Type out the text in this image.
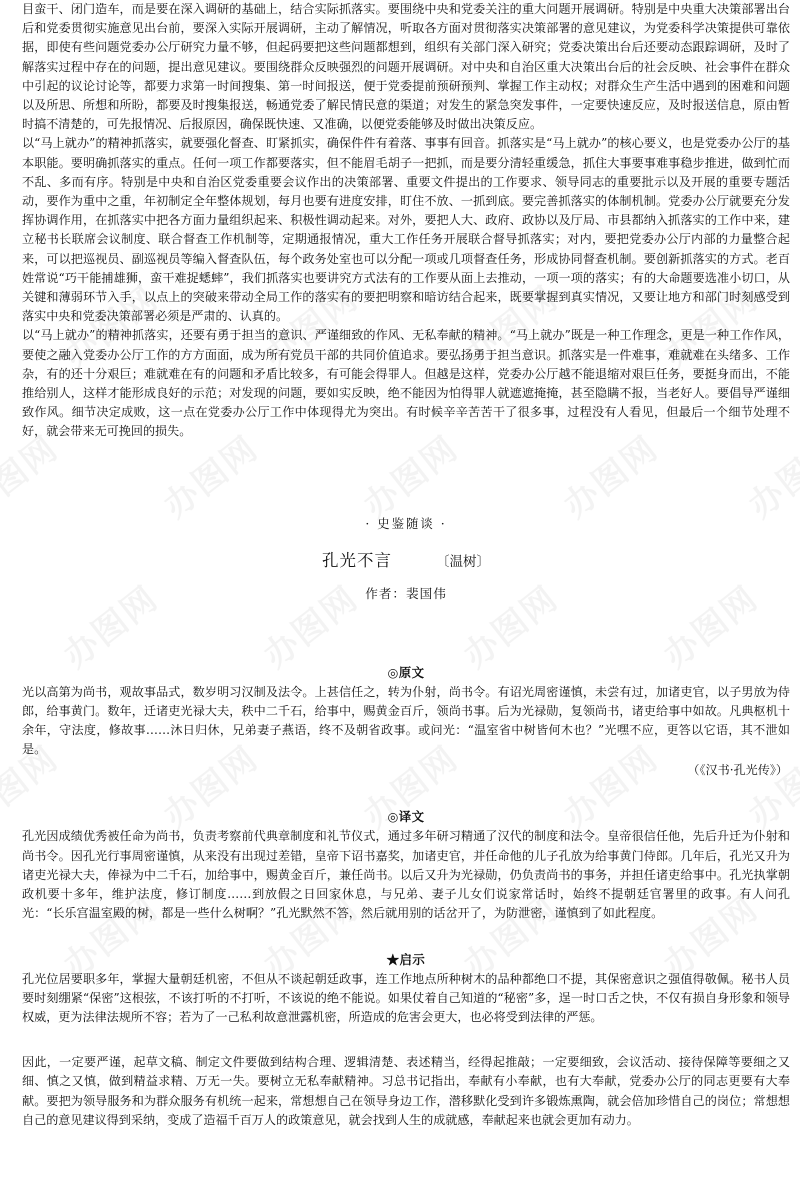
目蛮干、闭门造车，而是要在深入调研的基础上，结合实际抓落实。要围绕中央和党委关注的重大问题开展调研。特别是中央重大决策部署出台后和党委贯彻实施意见出台前，要深入实际开展调研，主动了解情况，听取各方面对贯彻落实决策部署的意见建议，为党委科学决策提供可靠依据，即使有些问题党委办公厅研究力量不够，但起码要把这些问题都想到，组织有关部门深入研究；党委决策出台后还要动态跟踪调研，及时了解落实过程中存在的问题，提出意见建议。要围绕群众反映强烈的问题开展调研。对中央和自治区重大决策出台后的社会反映、社会事件在群众中引起的议论讨论等，都要力求第一时间搜集、第一时间报送，便于党委提前预研预判、掌握工作主动权；对群众生产生活中遇到的困难和问题以及所思、所想和所盼，都要及时搜集报送，畅通党委了解民情民意的渠道；对发生的紧急突发事件，一定要快速反应，及时报送信息，原由暂时搞不清楚的，可先报情况、后报原因，确保既快速、又准确，以便党委能够及时做出决策反应。

以“马上就办”的精神抓落实，就要强化督查、盯紧抓实，确保件件有着落、事事有回音。抓落实是“马上就办”的核心要义，也是党委办公厅的基本职能。要明确抓落实的重点。任何一项工作都要落实，但不能眉毛胡子一把抓，而是要分清轻重缓急，抓住大事要事难事稳步推进，做到忙而不乱、多而有序。特别是中央和自治区党委重要会议作出的决策部署、重要文件提出的工作要求、领导同志的重要批示以及开展的重要专题活动，要作为重中之重，年初制定全年整体规划，每月也要有进度安排，盯住不放、一抓到底。要完善抓落实的体制机制。党委办公厅就要充分发挥协调作用，在抓落实中把各方面力量组织起来、积极性调动起来。对外，要把人大、政府、政协以及厅局、市县都纳入抓落实的工作中来，建立秘书长联席会议制度、联合督查工作机制等，定期通报情况，重大工作任务开展联合督导抓落实；对内，要把党委办公厅内部的力量整合起来，可以把巡视员、副巡视员等编入督查队伍，每个政务处室也可以分配一项或几项督查任务，形成协同督查机制。要创新抓落实的方式。老百姓常说“巧干能捕雄狮，蛮干难捉蟋蟀”，我们抓落实也要讲究方式法有的工作要从面上去推动，一项一项的落实；有的大命题要选准小切口，从关键和薄弱环节入手，以点上的突破来带动全局工作的落实有的要把明察和暗访结合起来，既要掌握到真实情况，又要让地方和部门时刻感受到落实中央和党委决策部署必须是严肃的、认真的。

以“马上就办”的精神抓落实，还要有勇于担当的意识、严谨细致的作风、无私奉献的精神。“马上就办”既是一种工作理念，更是一种工作作风，要使之融入党委办公厅工作的方方面面，成为所有党员干部的共同价值追求。要弘扬勇于担当意识。抓落实是一件难事，难就难在头绪多、工作杂，有的还十分艰巨；难就难在有的问题和矛盾比较多，有可能会得罪人。但越是这样，党委办公厅越不能退缩对艰巨任务，要挺身而出，不能推给别人，这样才能形成良好的示范；对发现的问题，要如实反映，绝不能因为怕得罪人就遮遮掩掩，甚至隐瞒不报，当老好人。要倡导严谨细致作风。细节决定成败，这一点在党委办公厅工作中体现得尤为突出。有时候辛辛苦苦干了很多事，过程没有人看见，但最后一个细节处理不好，就会带来无可挽回的损失。

· 史鉴随谈 ·

孔光不言	〔温树〕

作者：裴国伟

◎原文

光以高第为尚书，观故事品式，数岁明习汉制及法令。上甚信任之，转为仆射，尚书令。有诏光周密谨慎，未尝有过，加诸吏官，以子男放为侍郎，给事黄门。数年，迁诸吏光禄大夫，秩中二千石，给事中，赐黄金百斤，领尚书事。后为光禄勋，复领尚书，诸吏给事中如故。凡典枢机十余年，守法度，修故事……沐日归休，兄弟妻子燕语，终不及朝省政事。或问光：“温室省中树皆何木也？”光嘿不应，更答以它语，其不泄如是。

（《汉书·孔光传》）

◎译文

孔光因成绩优秀被任命为尚书，负责考察前代典章制度和礼节仪式，通过多年研习精通了汉代的制度和法令。皇帝很信任他，先后升迁为仆射和尚书令。因孔光行事周密谨慎，从来没有出现过差错，皇帝下诏书嘉奖，加诸吏官，并任命他的儿子孔放为给事黄门侍郎。几年后，孔光又升为诸吏光禄大夫，俸禄为中二千石，加给事中，赐黄金百斤，兼任尚书。以后又升为光禄勋，仍负责尚书的事务，并担任诸吏给事中。孔光执掌朝政机要十多年，维护法度，修订制度……到放假之日回家休息，与兄弟、妻子儿女们说家常话时，始终不提朝廷官署里的政事。有人问孔光：“长乐宫温室殿的树，都是一些什么树啊？”孔光默然不答，然后就用别的话岔开了，为防泄密，谨慎到了如此程度。

★启示

孔光位居要职多年，掌握大量朝廷机密，不但从不谈起朝廷政事，连工作地点所种树木的品种都绝口不提，其保密意识之强值得敬佩。秘书人员要时刻绷紧“保密”这根弦，不该打听的不打听，不该说的绝不能说。如果仗着自己知道的“秘密”多，逞一时口舌之快，不仅有损自身形象和领导权威，更为法律法规所不容；若为了一己私利故意泄露机密，所造成的危害会更大，也必将受到法律的严惩。

因此，一定要严谨，起草文稿、制定文件要做到结构合理、逻辑清楚、表述精当，经得起推敲；一定要细致，会议活动、接待保障等要细之又细、慎之又慎，做到精益求精、万无一失。要树立无私奉献精神。习总书记指出，奉献有小奉献，也有大奉献，党委办公厅的同志更要有大奉献。要把为领导服务和为群众服务有机统一起来，常想想自己在领导身边工作，潜移默化受到许多锻炼熏陶，就会倍加珍惜自己的岗位；常想想自己的意见建议得到采纳，变成了造福千百万人的政策意见，就会找到人生的成就感，奉献起来也就会更加有动力。
